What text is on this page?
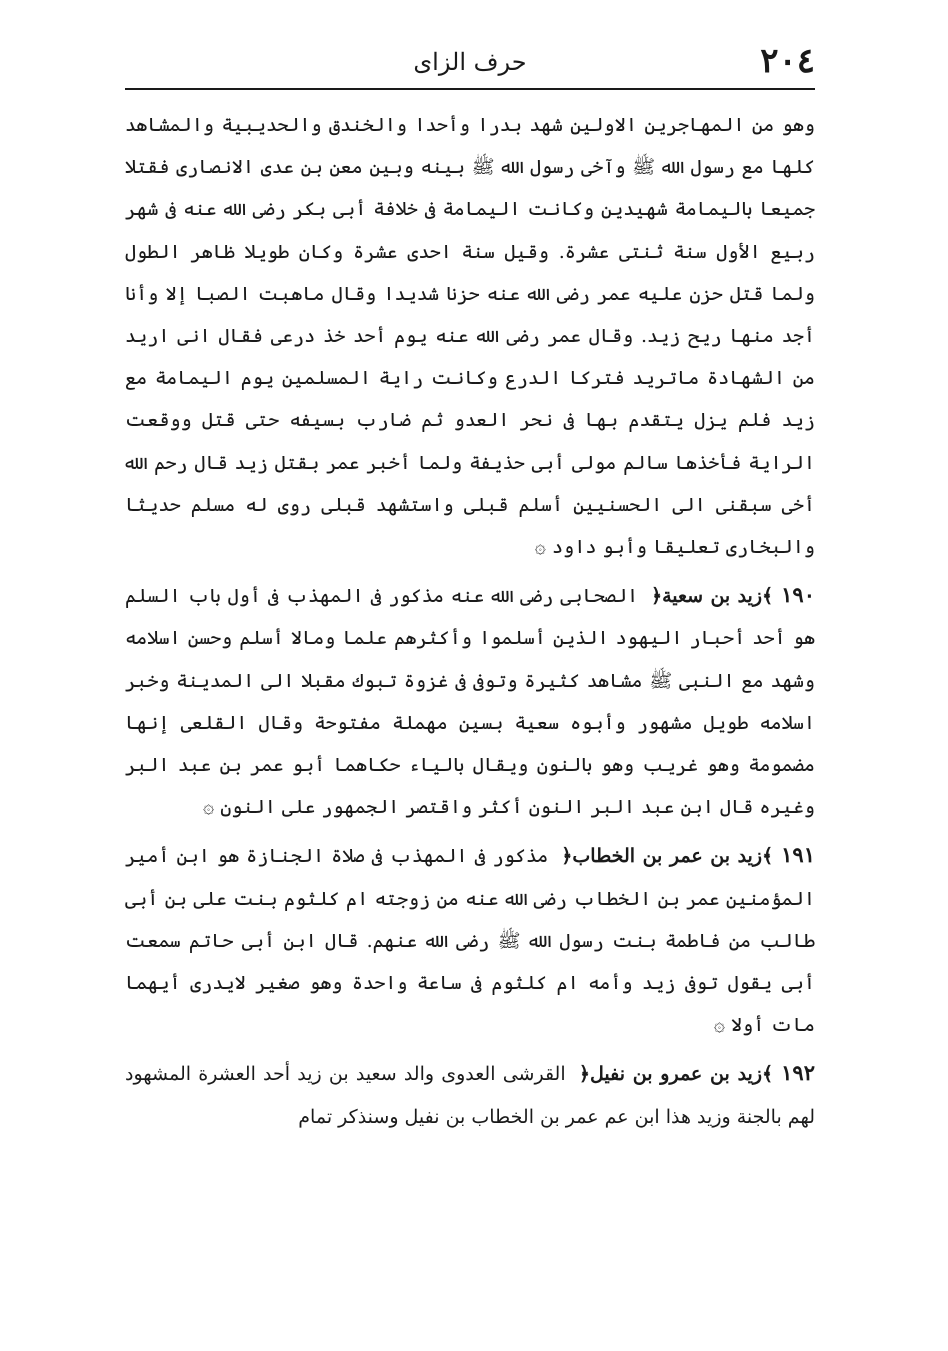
٢٠٤
حرف الزاى

وهو من المهاجرين الاولين شهد بدرا وأحدا والخندق والحديبية والمشاهد كلها مع رسول الله ﷺ وآخى رسول الله ﷺ بينه وبين معن بن عدى الانصارى فقتلا جميعا باليمامة شهيدين وكانت اليمامة فى خلافة أبى بكر رضى الله عنه فى شهر ربيع الأول سنة ثنتى عشرة. وقيل سنة احدى عشرة وكان طويلا ظاهر الطول ولما قتل حزن عليه عمر رضى الله عنه حزنا شديدا وقال ماهبت الصبا إلا وأنا أجد منها ريح زيد. وقال عمر رضى الله عنه يوم أحد خذ درعى فقال انى اريد من الشهادة ماتريد فتركا الدرع وكانت راية المسلمين يوم اليمامة مع زيد فلم يزل يتقدم بها فى نحر العدو ثم ضارب بسيفه حتى قتل ووقعت الراية فأخذها سالم مولى أبى حذيفة ولما أخبر عمر بقتل زيد قال رحم الله أخى سبقنى الى الحسنيين أسلم قبلى واستشهد قبلى روى له مسلم حديثا والبخارى تعليقا وأبو داود ۞

١٩٠﴾ زيد بن سعية ﴿ الصحابى رضى الله عنه مذكور فى المهذب فى أول باب السلم هو أحد أحبار اليهود الذين أسلموا وأكثرهم علما ومالا أسلم وحسن اسلامه وشهد مع النبى ﷺ مشاهد كثيرة وتوفى فى غزوة تبوك مقبلا الى المدينة وخبر اسلامه طويل مشهور وأبوه سعية بسين مهملة مفتوحة وقال القلعى إنها مضمومة وهو غريب وهو بالنون ويقال بالياء حكاهما أبو عمر بن عبد البر وغيره قال ابن عبد البر النون أكثر واقتصر الجمهور على النون ۞

١٩١﴾ زيد بن عمر بن الخطاب ﴿ مذكور فى المهذب فى صلاة الجنازة هو ابن أمير المؤمنين عمر بن الخطاب رضى الله عنه من زوجته ام كلثوم بنت على بن أبى طالب من فاطمة بنت رسول الله ﷺ رضى الله عنهم. قال ابن أبى حاتم سمعت أبى يقول توفى زيد وأمه ام كلثوم فى ساعة واحدة وهو صغير لايدرى أيهما مات أولا ۞

١٩٢﴾ زيد بن عمرو بن نفيل ﴿ القرشى العدوى والد سعيد بن زيد أحد العشرة المشهود لهم بالجنة وزيد هذا ابن عم عمر بن الخطاب بن نفيل وسنذكر تمام
